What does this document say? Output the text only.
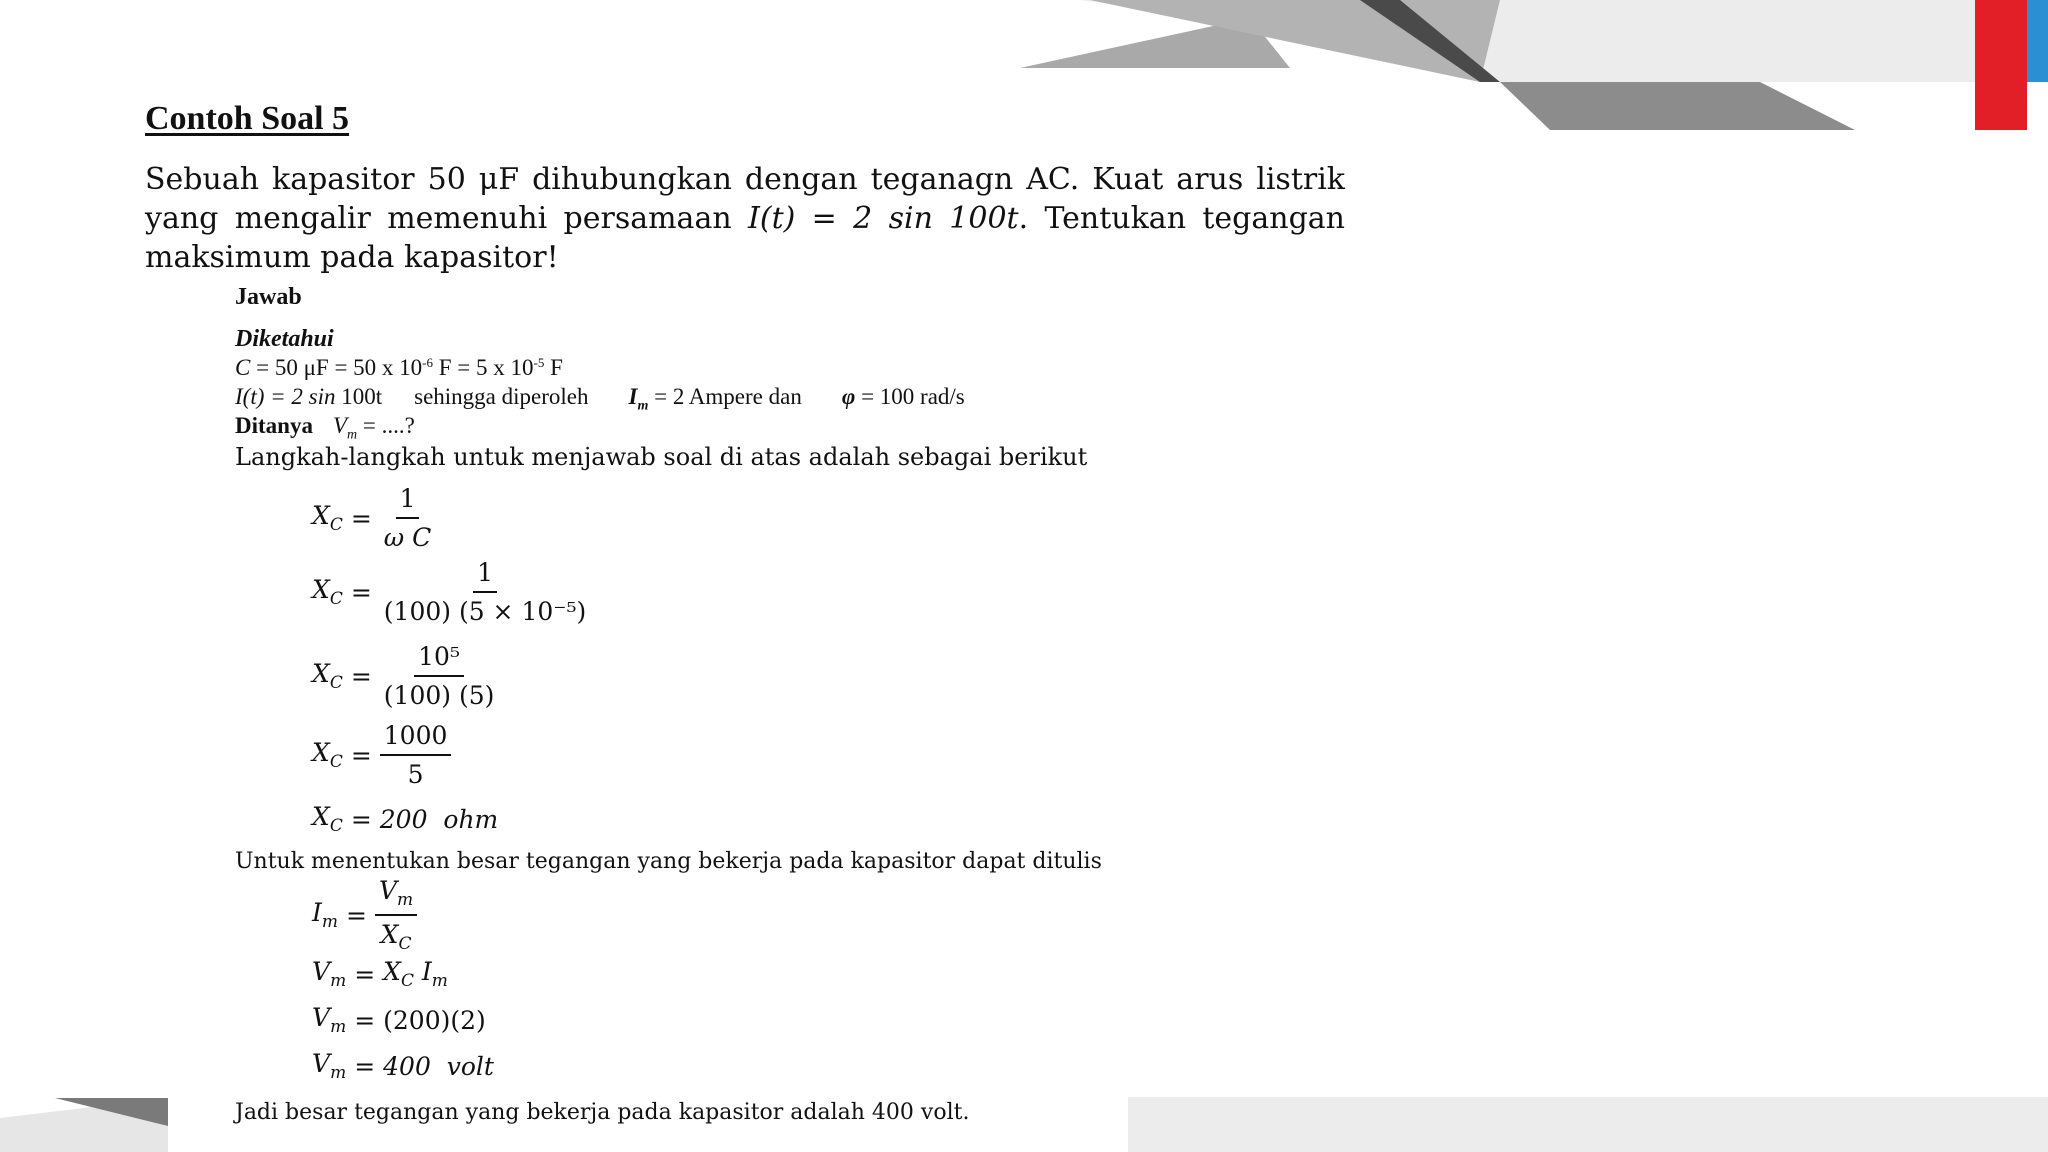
Contoh Soal 5

Sebuah kapasitor 50 μF dihubungkan dengan teganagn AC. Kuat arus listrik yang mengalir memenuhi persamaan I(t) = 2 sin 100t. Tentukan tegangan maksimum pada kapasitor!

Jawab

Diketahui

C = 50 μF = 50 x $10^{-6}$ F = 5 x $10^{-5}$ F

I(t) = 2 sin 100t sehingga diperoleh $I_m = 2$ Ampere dan φ = 100 rad/s

Ditanya $V_m$ = ....?

Langkah-langkah untuk menjawab soal di atas adalah sebagai berikut

$X_C = \frac{1}{\text{ω C}}$
$X_C = \frac{1}{\text{(100) (5 × 10⁻⁵)}}$
$X_C = \frac{\text{10⁵}}{(100) (5)}$
$X_C = \frac{1000}{5}$
$X_C = 200$  ohm

Untuk menentukan besar tegangan yang bekerja pada kapasitor dapat ditulis

$I_m = \frac{V_m}{X_C}$
$V_m = X_C$ $I_m$
$V_m = (200)(2)$
$V_m = 400$  volt

Jadi besar tegangan yang bekerja pada kapasitor adalah 400 volt.
